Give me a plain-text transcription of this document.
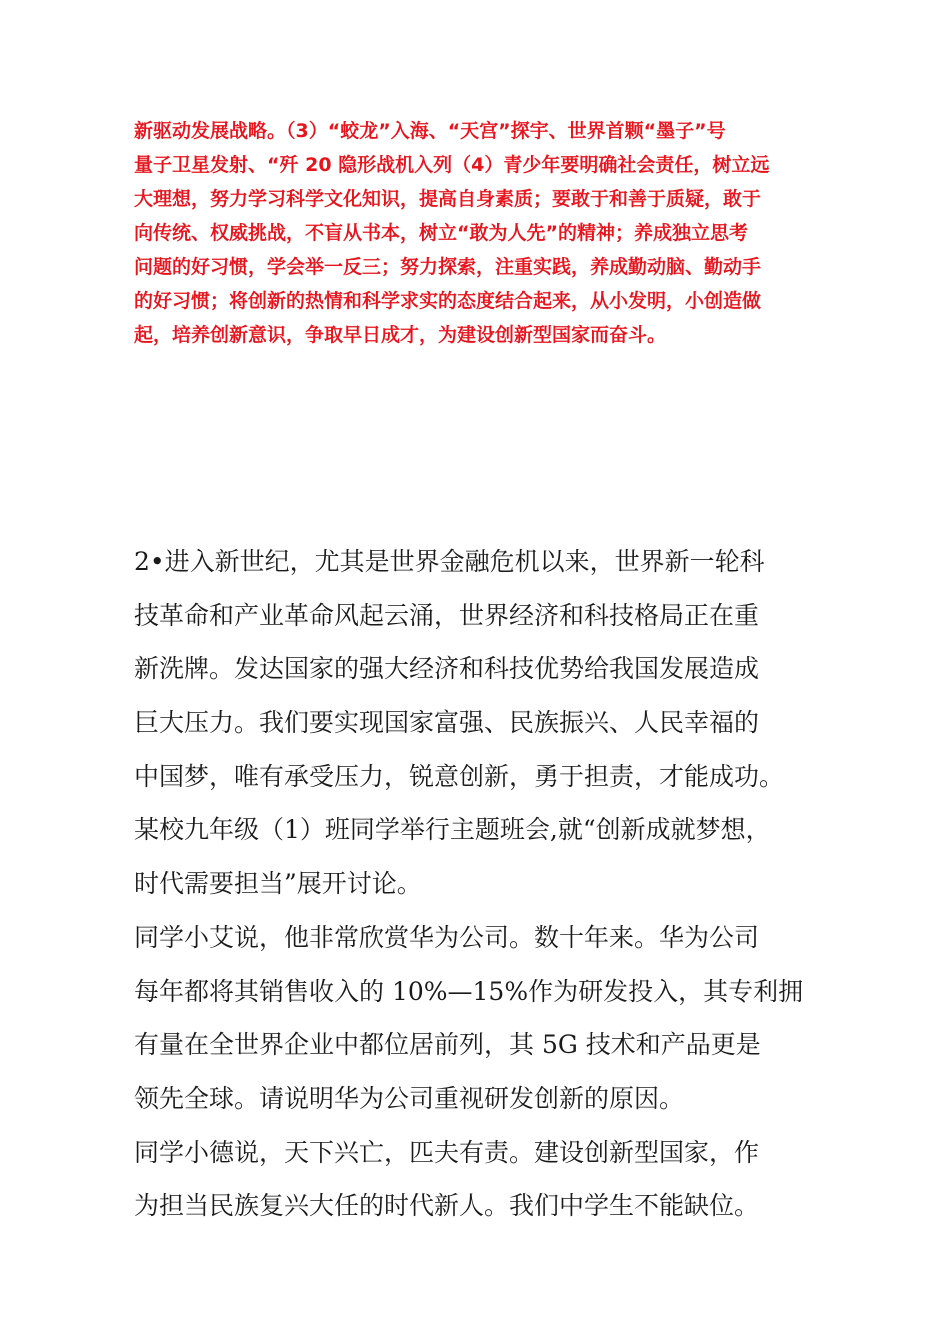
新驱动发展战略。（3）“蛟龙”入海、“天宫”探宇、世界首颗“墨子”号
量子卫星发射、“歼 20 隐形战机入列（4）青少年要明确社会责任，树立远
大理想，努力学习科学文化知识，提高自身素质；要敢于和善于质疑，敢于
向传统、权威挑战，不盲从书本，树立“敢为人先”的精神；养成独立思考
问题的好习惯，学会举一反三；努力探索，注重实践，养成勤动脑、勤动手
的好习惯；将创新的热情和科学求实的态度结合起来，从小发明，小创造做
起，培养创新意识，争取早日成才，为建设创新型国家而奋斗。
2•进入新世纪，尤其是世界金融危机以来，世界新一轮科
技革命和产业革命风起云涌，世界经济和科技格局正在重
新洗牌。发达国家的强大经济和科技优势给我国发展造成
巨大压力。我们要实现国家富强、民族振兴、人民幸福的
中国梦，唯有承受压力，锐意创新，勇于担责，才能成功。
某校九年级（1）班同学举行主题班会,就“创新成就梦想，
时代需要担当”展开讨论。
同学小艾说，他非常欣赏华为公司。数十年来。华为公司
每年都将其销售收入的 10%—15%作为研发投入，其专利拥
有量在全世界企业中都位居前列，其 5G 技术和产品更是
领先全球。请说明华为公司重视研发创新的原因。
同学小德说，天下兴亡，匹夫有责。建设创新型国家，作
为担当民族复兴大任的时代新人。我们中学生不能缺位。
